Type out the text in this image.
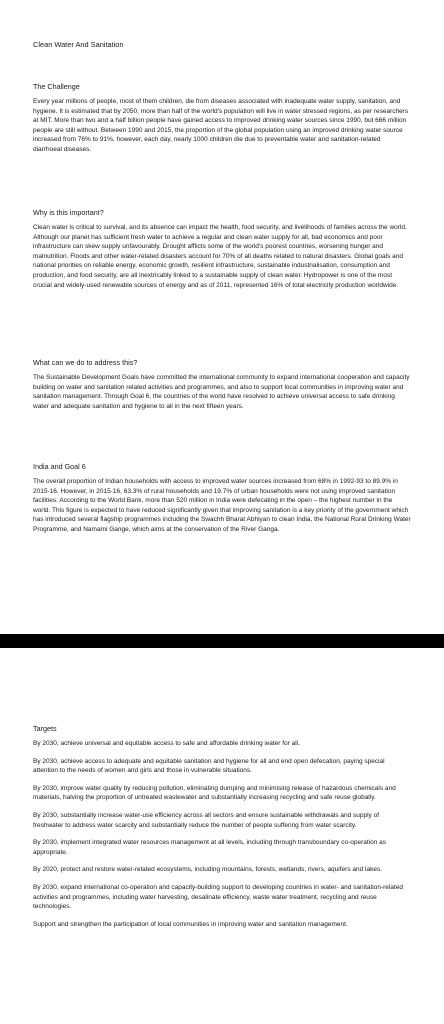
Clean Water And Sanitation

The Challenge

Every year millions of people, most of them children, die from diseases associated with inadequate water supply, sanitation, and hygiene. It is estimated that by 2050, more than half of the world's population will live in water stressed regions, as per researchers at MIT. More than two and a half billion people have gained access to improved drinking water sources since 1990, but 666 million people are still without. Between 1990 and 2015, the proportion of the global population using an improved drinking water source increased from 76% to 91%, however, each day, nearly 1000 children die due to preventable water and sanitation-related diarrhoeal diseases.

Why is this important?

Clean water is critical to survival, and its absence can impact the health, food security, and livelihoods of families across the world. Although our planet has sufficient fresh water to achieve a regular and clean water supply for all, bad economics and poor infrastructure can skew supply unfavourably. Drought afflicts some of the world's poorest countries, worsening hunger and malnutrition. Floods and other water-related disasters account for 70% of all deaths related to natural disasters. Global goals and national priorities on reliable energy, economic growth, resilient infrastructure, sustainable industrialisation, consumption and production, and food security, are all inextricably linked to a sustainable supply of clean water. Hydropower is one of the most crucial and widely-used renewable sources of energy and as of 2011, represented 16% of total electricity production worldwide.

What can we do to address this?

The Sustainable Development Goals have committed the international community to expand international cooperation and capacity building on water and sanitation related activities and programmes, and also to support local communities in improving water and sanitation management. Through Goal 6, the countries of the world have resolved to achieve universal access to safe drinking water and adequate sanitation and hygiene to all in the next fifteen years.

India and Goal 6

The overall proportion of Indian households with access to improved water sources increased from 68% in 1992-93 to 89.9% in 2015-16. However, in 2015-16, 63.3% of rural households and 19.7% of urban households were not using improved sanitation facilities. According to the World Bank, more than 520 million in India were defecating in the open – the highest number in the world. This figure is expected to have reduced significantly given that improving sanitation is a key priority of the government which has introduced several flagship programmes including the Swachh Bharat Abhiyan to clean India, the National Rural Drinking Water Programme, and Namami Gange, which aims at the conservation of the River Ganga.

Targets

By 2030, achieve universal and equitable access to safe and affordable drinking water for all.

By 2030, achieve access to adequate and equitable sanitation and hygiene for all and end open defecation, paying special attention to the needs of women and girls and those in vulnerable situations.

By 2030, improve water quality by reducing pollution, eliminating dumping and minimising release of hazardous chemicals and materials, halving the proportion of untreated wastewater and substantially increasing recycling and safe reuse globally.

By 2030, substantially increase water-use efficiency across all sectors and ensure sustainable withdrawals and supply of freshwater to address water scarcity and substantially reduce the number of people suffering from water scarcity.

By 2030, implement integrated water resources management at all levels, including through transboundary co-operation as appropriate.

By 2020, protect and restore water-related ecosystems, including mountains, forests, wetlands, rivers, aquifers and lakes.

By 2030, expand international co-operation and capacity-building support to developing countries in water- and sanitation-related activities and programmes, including water harvesting, desalinate efficiency, waste water treatment, recycling and reuse technologies.

Support and strengthen the participation of local communities in improving water and sanitation management.
